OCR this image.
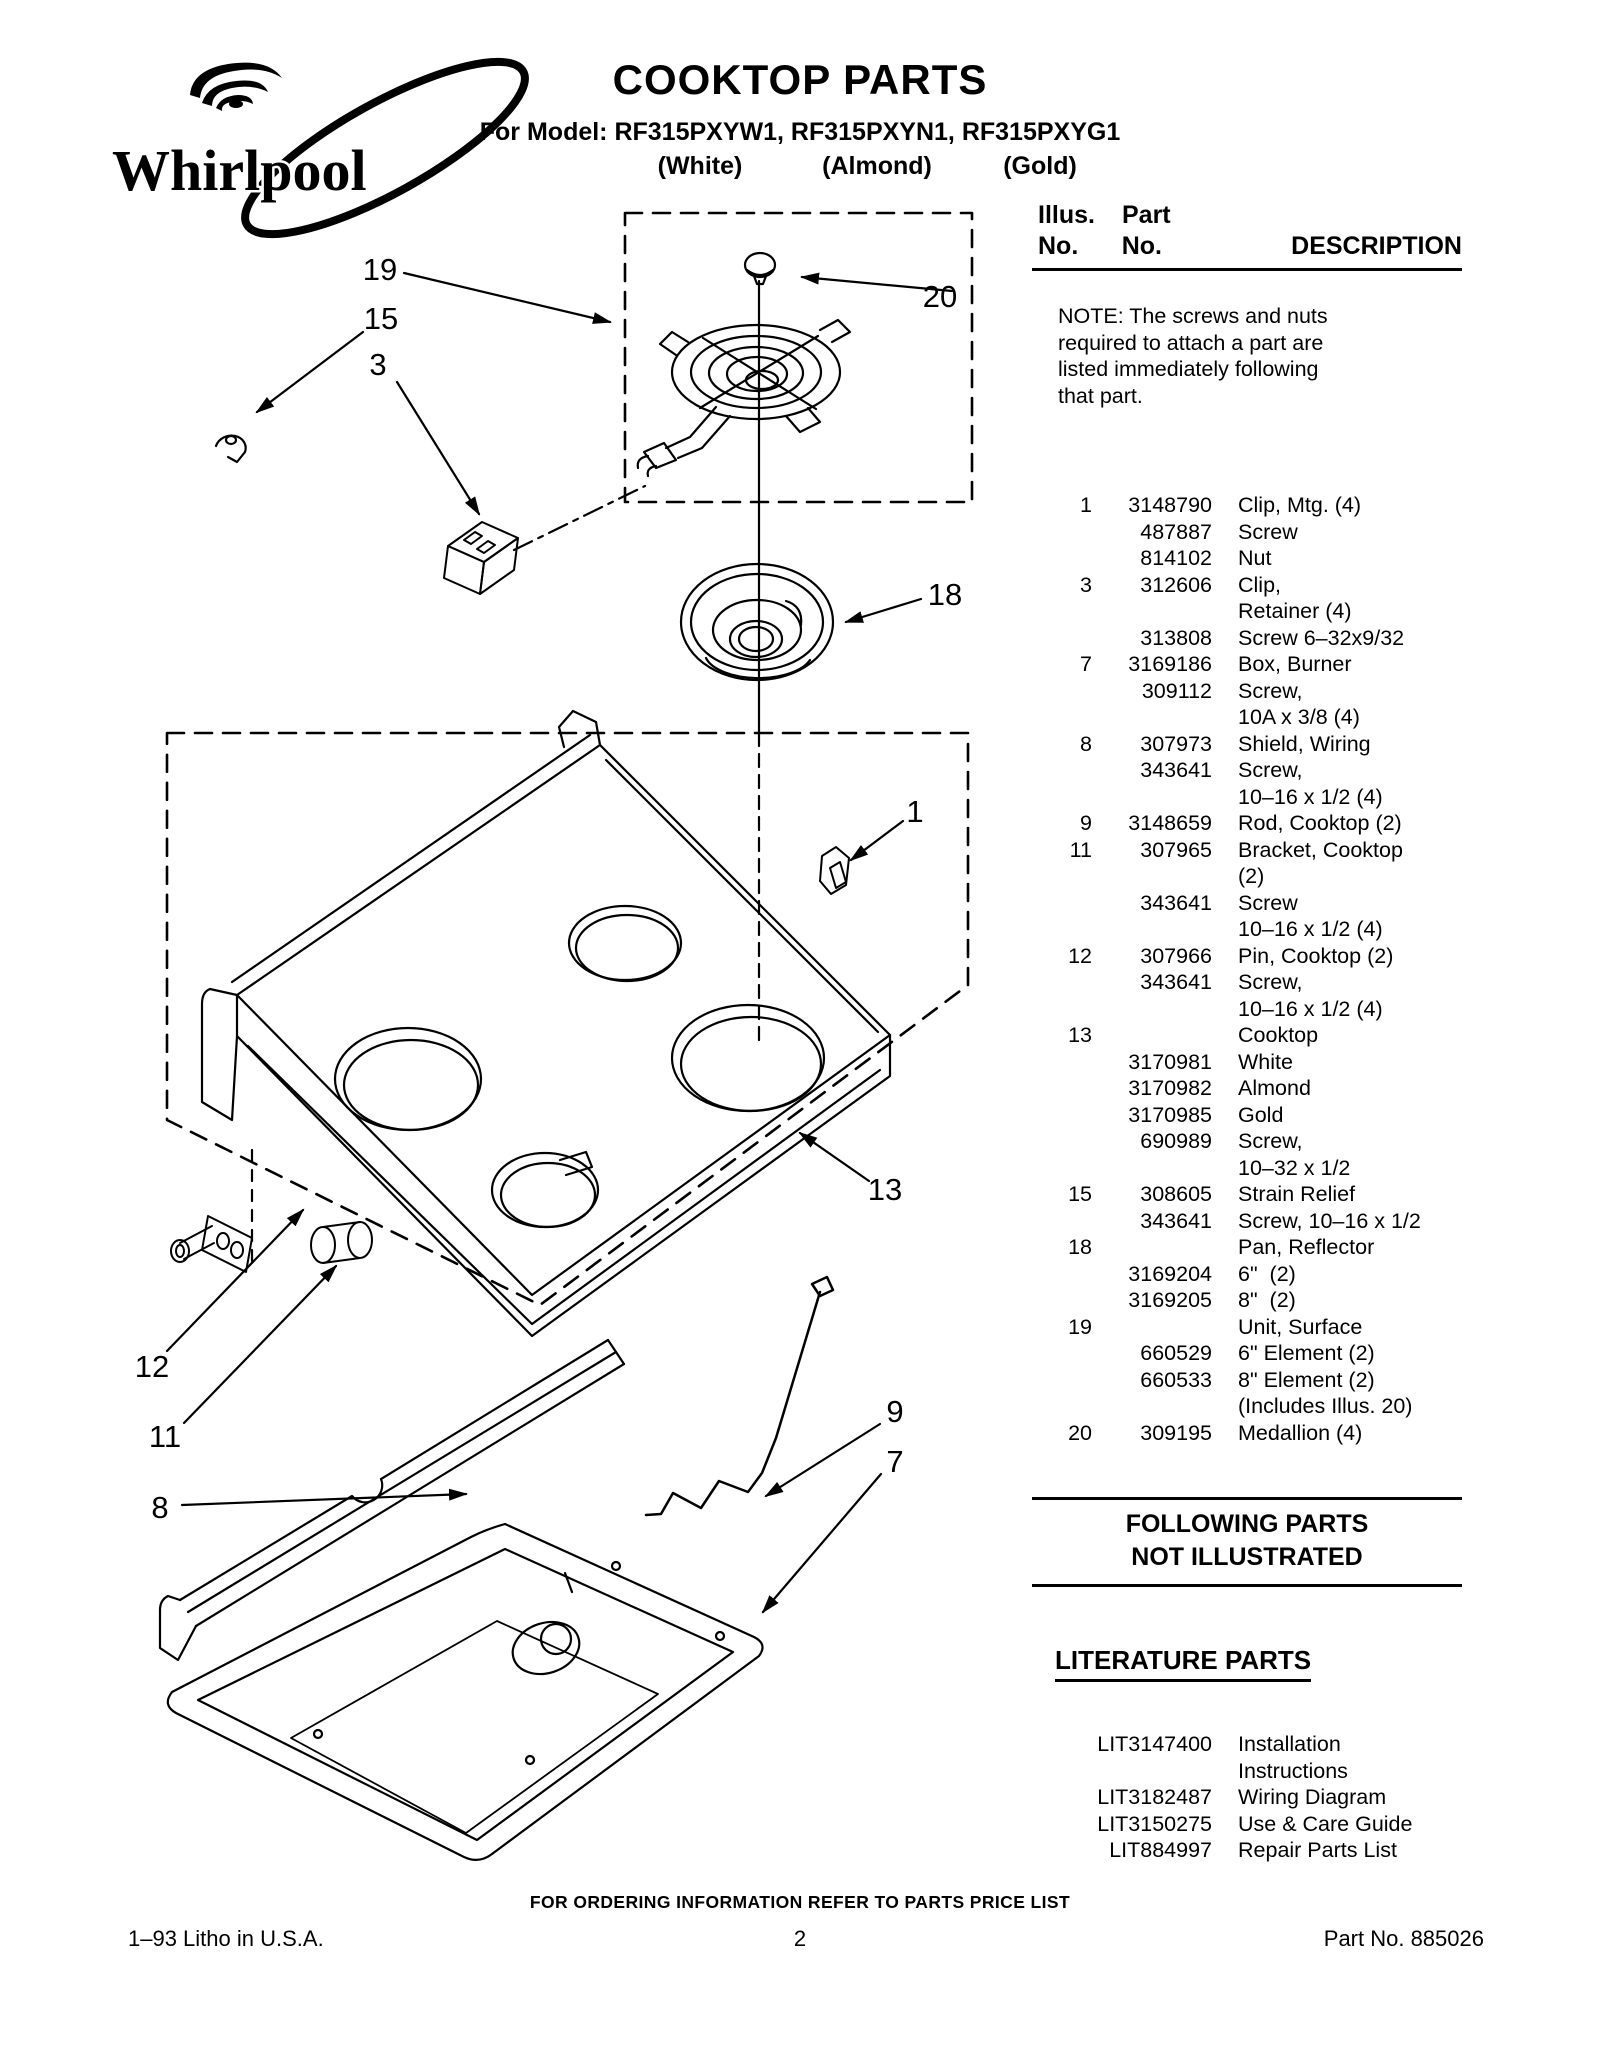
Whirlpool
COOKTOP PARTS
For Model: RF315PXYW1, RF315PXYN1, RF315PXYG1
(White)	(Almond)	(Gold)
19
15
3
20
18
1
13
12
11
8
9
7
Illus.	Part
No.	No.	DESCRIPTION
NOTE: The screws and nuts
required to attach a part are
listed immediately following
that part.
1	3148790 Clip, Mtg. (4)
487887 Screw
814102 Nut
3	312606 Clip,
Retainer (4)
313808 Screw 6–32x9/32
7	3169186 Box, Burner
309112 Screw,
10A x 3/8 (4)
8	307973 Shield, Wiring
343641 Screw,
10–16 x 1/2 (4)
9	3148659 Rod, Cooktop (2)
11	307965 Bracket, Cooktop
(2)
343641 Screw
10–16 x 1/2 (4)
12	307966 Pin, Cooktop (2)
343641 Screw,
10–16 x 1/2 (4)
13	Cooktop
3170981 White
3170982 Almond
3170985 Gold
690989 Screw,
10–32 x 1/2
15	308605 Strain Relief
343641 Screw, 10–16 x 1/2
18	Pan, Reflector
3169204 6"  (2)
3169205 8"  (2)
19	Unit, Surface
660529 6" Element (2)
660533 8" Element (2)
(Includes Illus. 20)
20	309195 Medallion (4)
FOLLOWING PARTS
NOT ILLUSTRATED
LITERATURE PARTS
LIT3147400 Installation
Instructions
LIT3182487 Wiring Diagram
LIT3150275 Use & Care Guide
LIT884997 Repair Parts List
FOR ORDERING INFORMATION REFER TO PARTS PRICE LIST
1–93 Litho in U.S.A.	2	Part No. 885026
